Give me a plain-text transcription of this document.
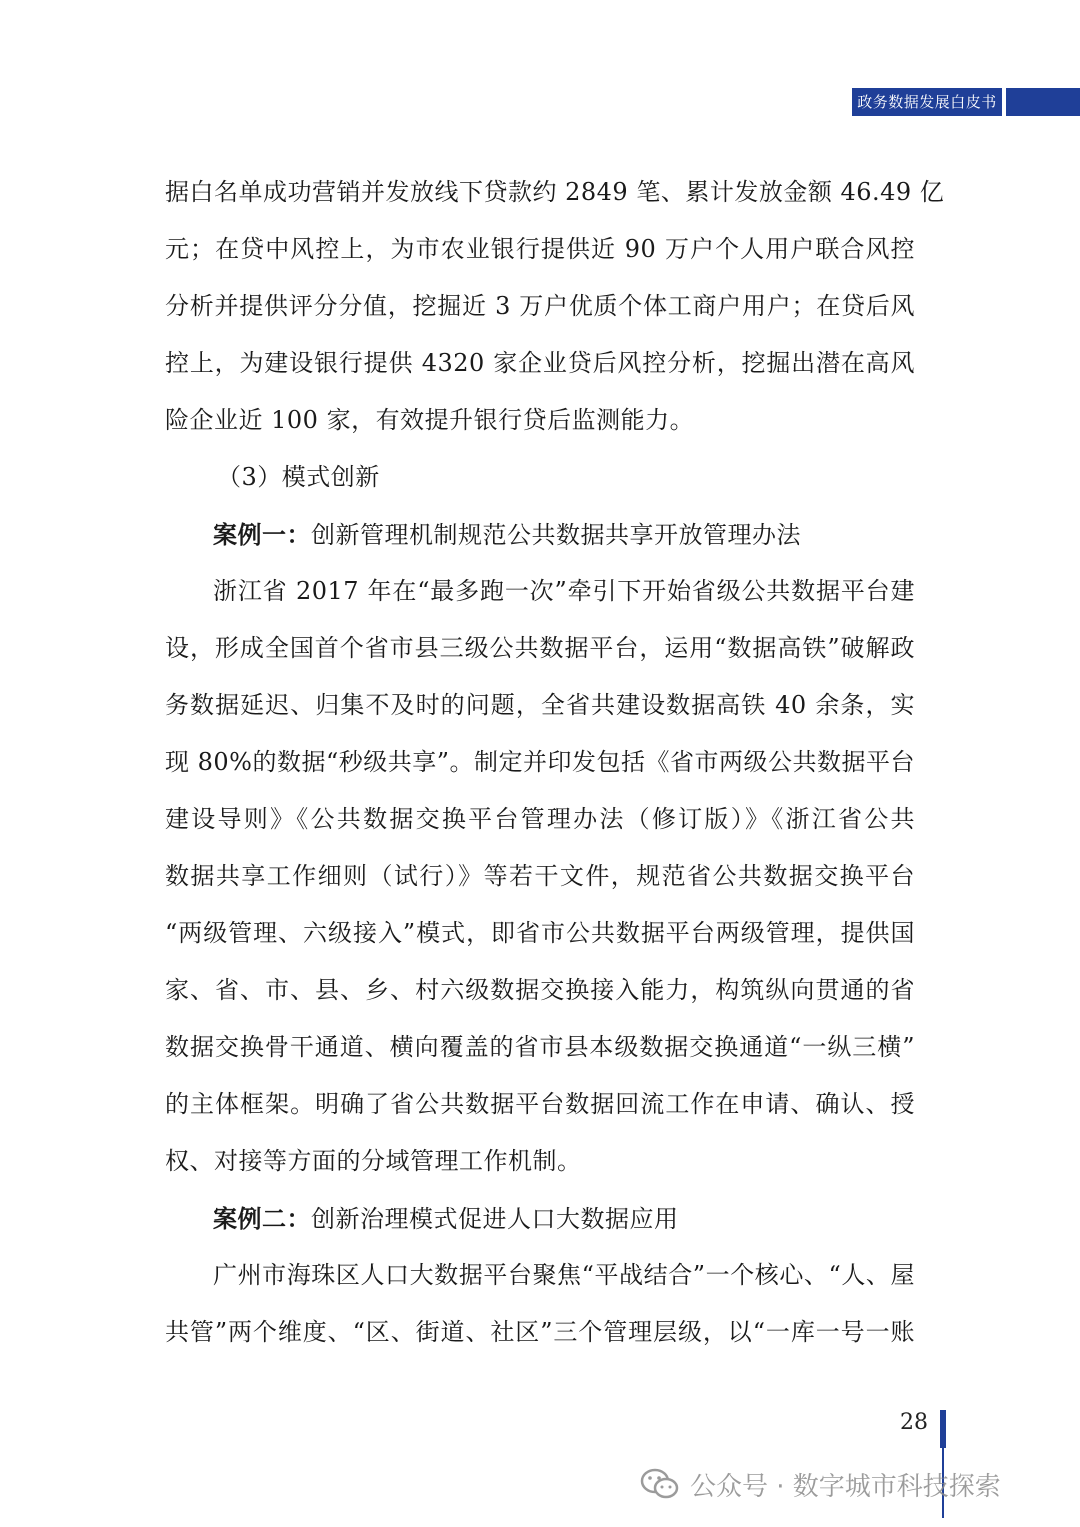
政务数据发展白皮书
据白名单成功营销并发放线下贷款约 2849 笔、累计发放金额 46.49 亿
元；在贷中风控上，为市农业银行提供近 90 万户个人用户联合风控
分析并提供评分分值，挖掘近 3 万户优质个体工商户用户；在贷后风
控上，为建设银行提供 4320 家企业贷后风控分析，挖掘出潜在高风
险企业近 100 家，有效提升银行贷后监测能力。
（3）模式创新
案例一：创新管理机制规范公共数据共享开放管理办法
浙江省 2017 年在“最多跑一次”牵引下开始省级公共数据平台建
设，形成全国首个省市县三级公共数据平台，运用“数据高铁”破解政
务数据延迟、归集不及时的问题，全省共建设数据高铁 40 余条，实
现 80%的数据“秒级共享”。制定并印发包括《省市两级公共数据平台
建设导则》《公共数据交换平台管理办法（修订版）》《浙江省公共
数据共享工作细则（试行）》等若干文件，规范省公共数据交换平台
“两级管理、六级接入”模式，即省市公共数据平台两级管理，提供国
家、省、市、县、乡、村六级数据交换接入能力，构筑纵向贯通的省
数据交换骨干通道、横向覆盖的省市县本级数据交换通道“一纵三横”
的主体框架。明确了省公共数据平台数据回流工作在申请、确认、授
权、对接等方面的分域管理工作机制。
案例二：创新治理模式促进人口大数据应用
广州市海珠区人口大数据平台聚焦“平战结合”一个核心、“人、屋
共管”两个维度、“区、街道、社区”三个管理层级，以“一库一号一账
28
公众号 · 数字城市科技探索
